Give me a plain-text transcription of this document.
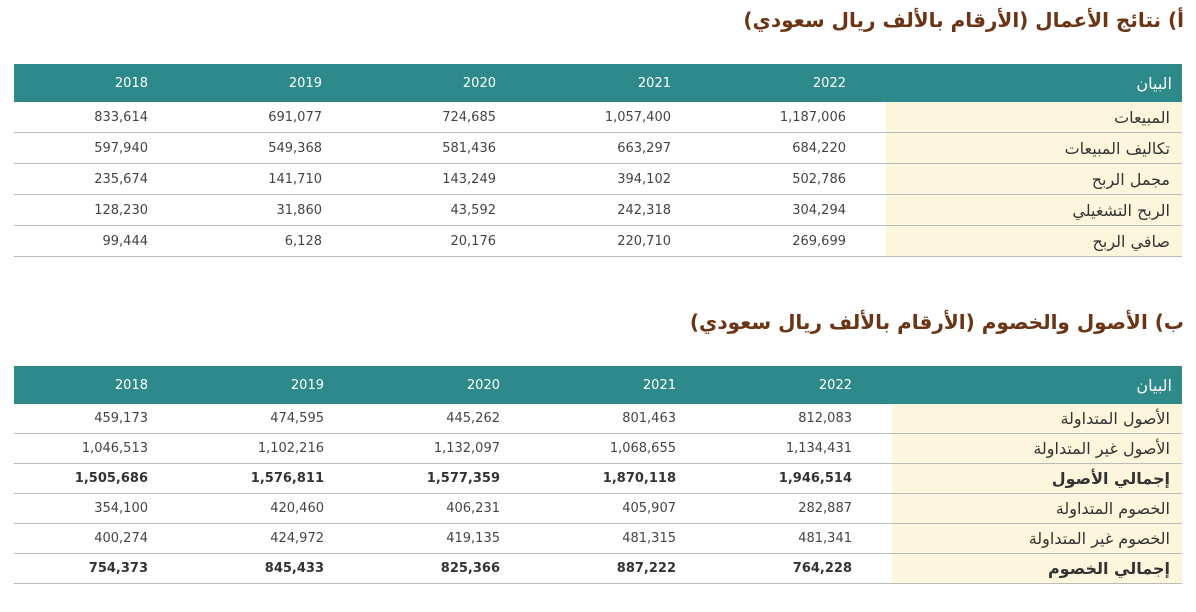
أ) نتائج الأعمال (الأرقام بالألف ريال سعودي)
2018	2019	2020	2021	2022	البيان

833,614	691,077	724,685	1,057,400	1,187,006	المبيعات

597,940	549,368	581,436	663,297	684,220	تكاليف المبيعات

235,674	141,710	143,249	394,102	502,786	مجمل الربح

128,230	31,860	43,592	242,318	304,294	الربح التشغيلي

99,444	6,128	20,176	220,710	269,699	صافي الربح
ب) الأصول والخصوم (الأرقام بالألف ريال سعودي)
2018	2019	2020	2021	2022	البيان

459,173	474,595	445,262	801,463	812,083	الأصول المتداولة

1,046,513	1,102,216	1,132,097	1,068,655	1,134,431	الأصول غير المتداولة

1,505,686	1,576,811	1,577,359	1,870,118	1,946,514	إجمالي الأصول

354,100	420,460	406,231	405,907	282,887	الخصوم المتداولة

400,274	424,972	419,135	481,315	481,341	الخصوم غير المتداولة

754,373	845,433	825,366	887,222	764,228	إجمالي الخصوم
